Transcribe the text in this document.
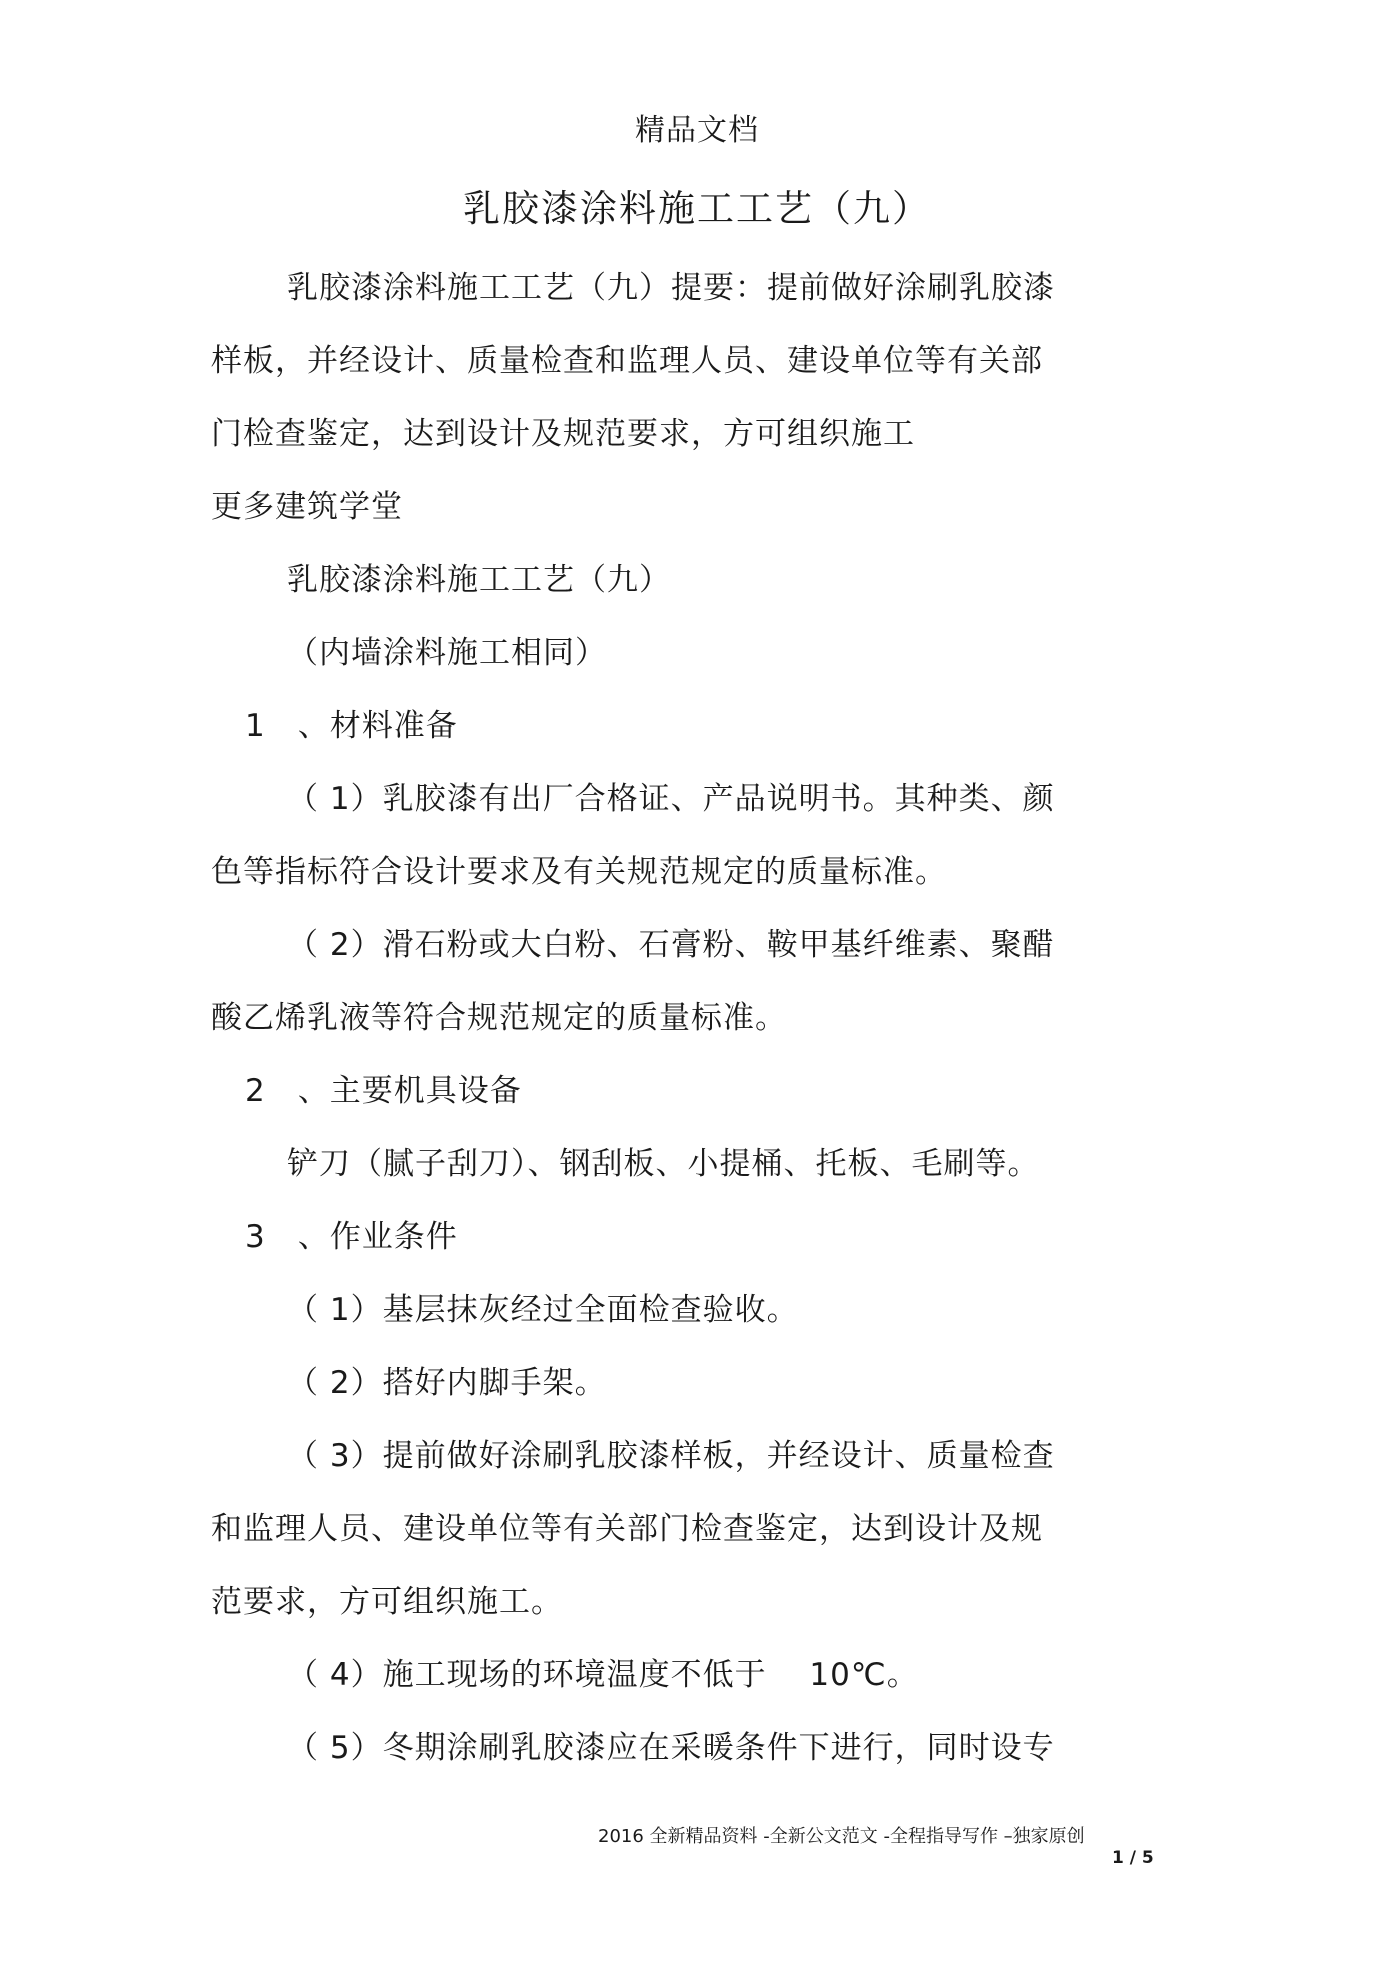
精品文档
乳胶漆涂料施工工艺（九）
乳胶漆涂料施工工艺（九）提要：提前做好涂刷乳胶漆
样板，并经设计、质量检查和监理人员、建设单位等有关部
门检查鉴定，达到设计及规范要求，方可组织施工
更多建筑学堂
乳胶漆涂料施工工艺（九）
（内墙涂料施工相同）
1　、材料准备
（ 1）乳胶漆有出厂合格证、产品说明书。其种类、颜
色等指标符合设计要求及有关规范规定的质量标准。
（ 2）滑石粉或大白粉、石膏粉、鞍甲基纤维素、聚醋
酸乙烯乳液等符合规范规定的质量标准。
2　、主要机具设备
铲刀（腻子刮刀）、钢刮板、小提桶、托板、毛刷等。
3　、作业条件
（ 1）基层抹灰经过全面检查验收。
（ 2）搭好内脚手架。
（ 3）提前做好涂刷乳胶漆样板，并经设计、质量检查
和监理人员、建设单位等有关部门检查鉴定，达到设计及规
范要求，方可组织施工。
（ 4）施工现场的环境温度不低于　 10℃。
（ 5）冬期涂刷乳胶漆应在采暖条件下进行，同时设专
2016 全新精品资料 -全新公文范文 -全程指导写作 –独家原创
1 / 5
